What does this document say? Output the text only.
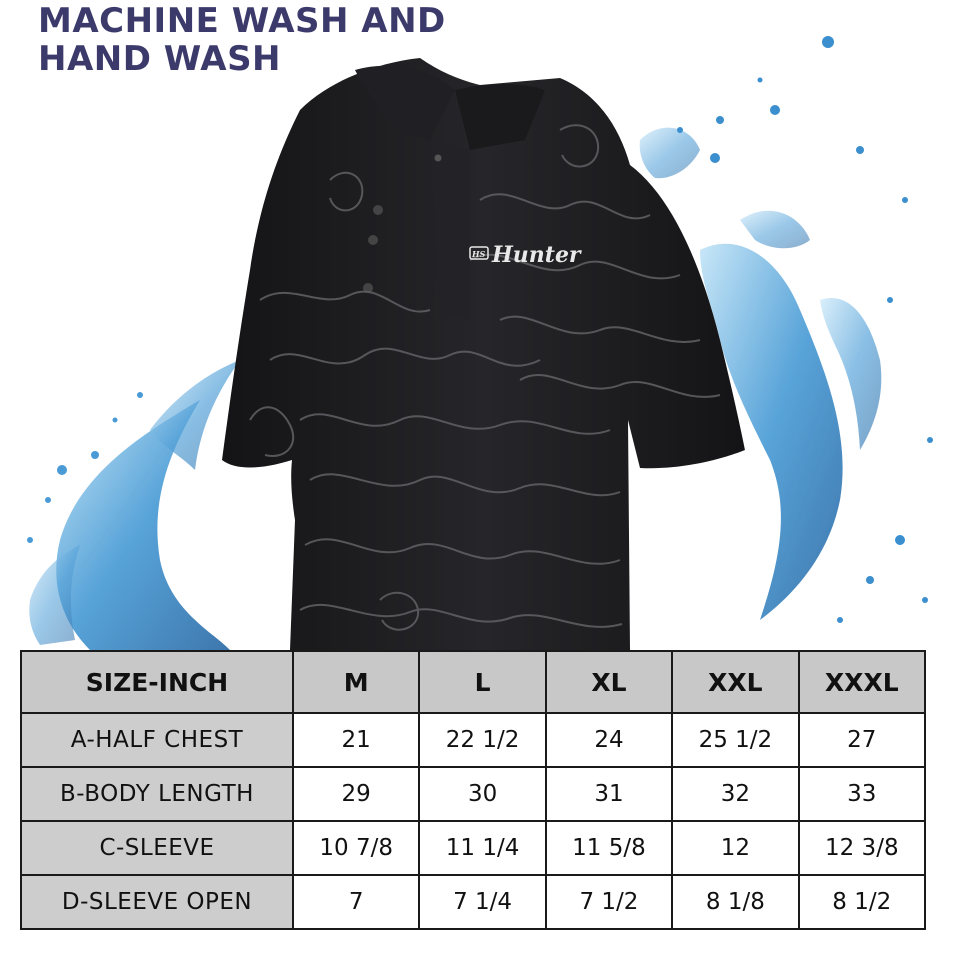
MACHINE WASH AND
HAND WASH
HS Hunter
SIZE-INCH	M	L	XL	XXL	XXXL
A-HALF CHEST	21	22 1/2	24	25 1/2	27
B-BODY LENGTH	29	30	31	32	33
C-SLEEVE	10 7/8	11 1/4	11 5/8	12	12 3/8
D-SLEEVE OPEN	7	7 1/4	7 1/2	8 1/8	8 1/2
